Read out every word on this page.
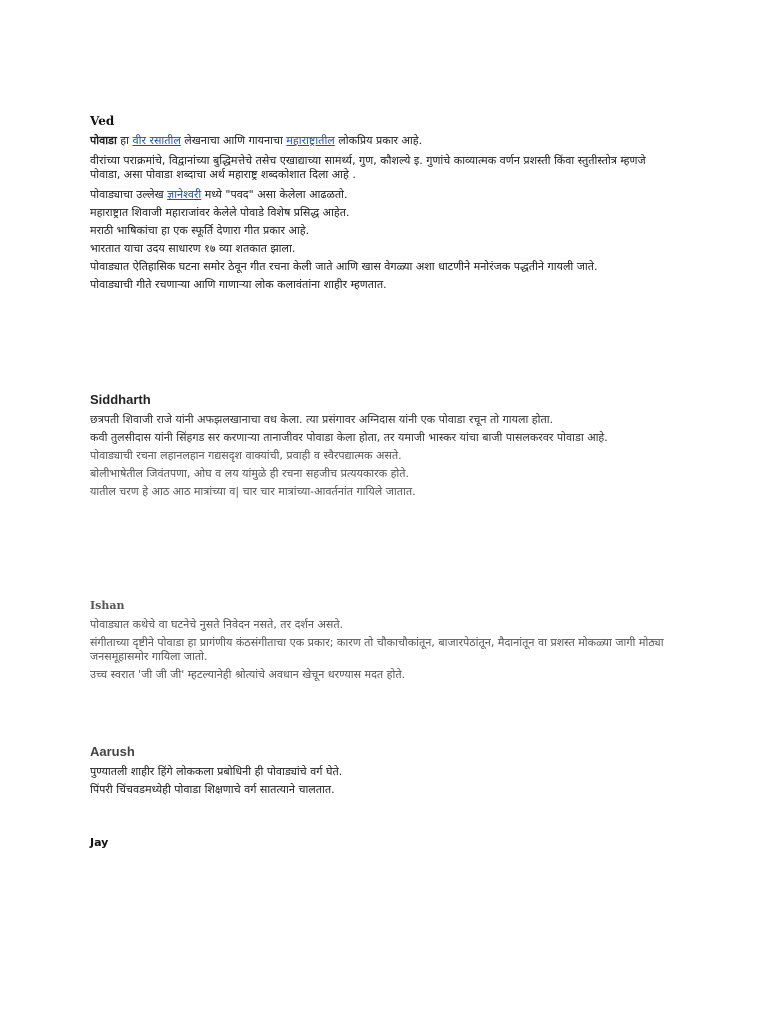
Ved

पोवाडा हा वीर रसातील लेखनाचा आणि गायनाचा महाराष्ट्रातील लोकप्रिय प्रकार आहे.

वीरांच्या पराक्रमांचे, विद्वानांच्या बुद्धिमत्तेचे तसेच एखाद्याच्या सामर्थ्य, गुण, कौशल्ये इ. गुणांचे काव्यात्मक वर्णन प्रशस्ती किंवा स्तुतीस्तोत्र म्हणजे पोवाडा, असा पोवाडा शब्दाचा अर्थ महाराष्ट्र शब्दकोशात दिला आहे .

पोवाड्याचा उल्लेख ज्ञानेश्वरी मध्ये "पवद" असा केलेला आढळतो.

महाराष्ट्रात शिवाजी महाराजांवर केलेले पोवाडे विशेष प्रसिद्ध आहेत.

मराठी भाषिकांचा हा एक स्फूर्ति देणारा गीत प्रकार आहे.

भारतात याचा उदय साधारण १७ व्या शतकात झाला.

पोवाड्यात ऐतिहासिक घटना समोर ठेवून गीत रचना केली जाते आणि खास वेगळ्या अशा धाटणीने मनोरंजक पद्धतीने गायली जाते.

पोवाड्याची गीते रचणाऱ्या आणि गाणाऱ्या लोक कलावंतांना शाहीर म्हणतात.

Siddharth

छत्रपती शिवाजी राजे यांनी अफझलखानाचा वध केला. त्या प्रसंगावर अग्निदास यांनी एक पोवाडा रचून तो गायला होता.

कवी तुलसीदास यांनी सिंहगड सर करणाऱ्या तानाजीवर पोवाडा केला होता, तर यमाजी भास्कर यांचा बाजी पासलकरवर पोवाडा आहे.

पोवाड्याची रचना लहानलहान गद्यसदृश वाक्यांची, प्रवाही व स्वैरपद्यात्मक असते.

बोलीभाषेतील जिवंतपणा, ओघ व लय यांमुळे ही रचना सहजीच प्रत्ययकारक होते.

यातील चरण हे आठ आठ मात्रांच्या व| चार चार मात्रांच्या-आवर्तनांत गायिले जातात.

Ishan

पोवाड्यात कथेचे वा घटनेचे नुसते निवेदन नसते, तर दर्शन असते.

संगीताच्या दृष्टीने पोवाडा हा प्रागंणीय कंठसंगीताचा एक प्रकार; कारण तो चौकाचौकांतून, बाजारपेठांतून, मैदानांतून वा प्रशस्त मोकळ्या जागी मोठ्या जनसमूहासमोर गायिला जातो.

उच्च स्वरात 'जी जी जी' म्हटल्यानेही श्रोत्यांचे अवधान खेचून धरण्यास मदत होते.

Aarush

पुण्यातली शाहीर हिंगे लोककला प्रबोधिनी ही पोवाड्यांचे वर्ग घेते.

पिंपरी चिंचवडमध्येही पोवाडा शिक्षणाचे वर्ग सातत्याने चालतात.

Jay
